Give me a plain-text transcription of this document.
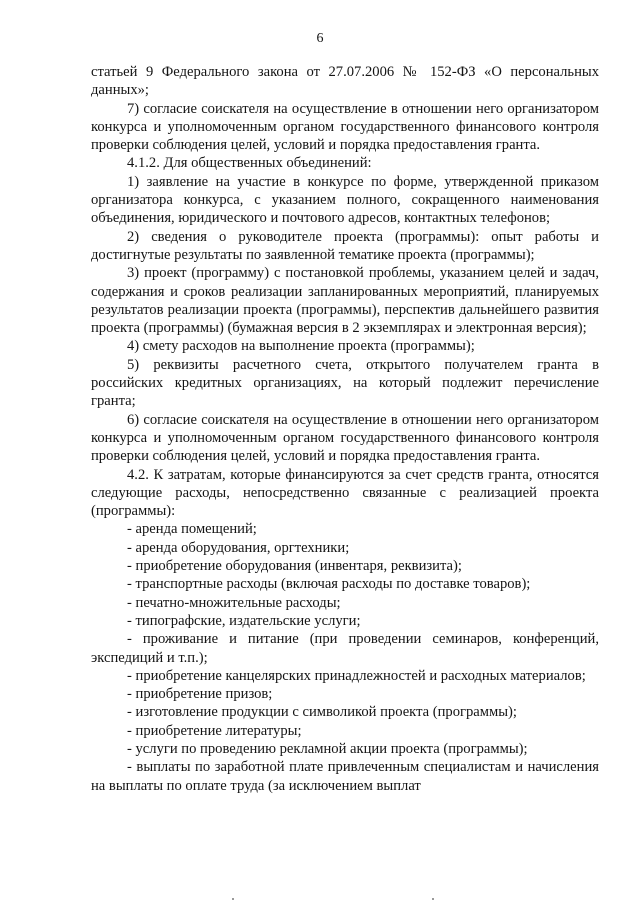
6

статьей 9 Федерального закона от 27.07.2006 № 152-ФЗ «О персональных данных»;

7) согласие соискателя на осуществление в отношении него организатором конкурса и уполномоченным органом государственного финансового контроля проверки соблюдения целей, условий и порядка предоставления гранта.

4.1.2. Для общественных объединений:

1) заявление на участие в конкурсе по форме, утвержденной приказом организатора конкурса, с указанием полного, сокращенного наименования объединения, юридического и почтового адресов, контактных телефонов;

2) сведения о руководителе проекта (программы): опыт работы и достигнутые результаты по заявленной тематике проекта (программы);

3) проект (программу) с постановкой проблемы, указанием целей и задач, содержания и сроков реализации запланированных мероприятий, планируемых результатов реализации проекта (программы), перспектив дальнейшего развития проекта (программы) (бумажная версия в 2 экземплярах и электронная версия);

4) смету расходов на выполнение проекта (программы);

5) реквизиты расчетного счета, открытого получателем гранта в российских кредитных организациях, на который подлежит перечисление гранта;

6) согласие соискателя на осуществление в отношении него организатором конкурса и уполномоченным органом государственного финансового контроля проверки соблюдения целей, условий и порядка предоставления гранта.

4.2. К затратам, которые финансируются за счет средств гранта, относятся следующие расходы, непосредственно связанные с реализацией проекта (программы):

- аренда помещений;

- аренда оборудования, оргтехники;

- приобретение оборудования (инвентаря, реквизита);

- транспортные расходы (включая расходы по доставке товаров);

- печатно-множительные расходы;

- типографские, издательские услуги;

- проживание и питание (при проведении семинаров, конференций, экспедиций и т.п.);

- приобретение канцелярских принадлежностей и расходных материалов;

- приобретение призов;

- изготовление продукции с символикой проекта (программы);

- приобретение литературы;

- услуги по проведению рекламной акции проекта (программы);

- выплаты по заработной плате привлеченным специалистам и начисления на выплаты по оплате труда (за исключением выплат
